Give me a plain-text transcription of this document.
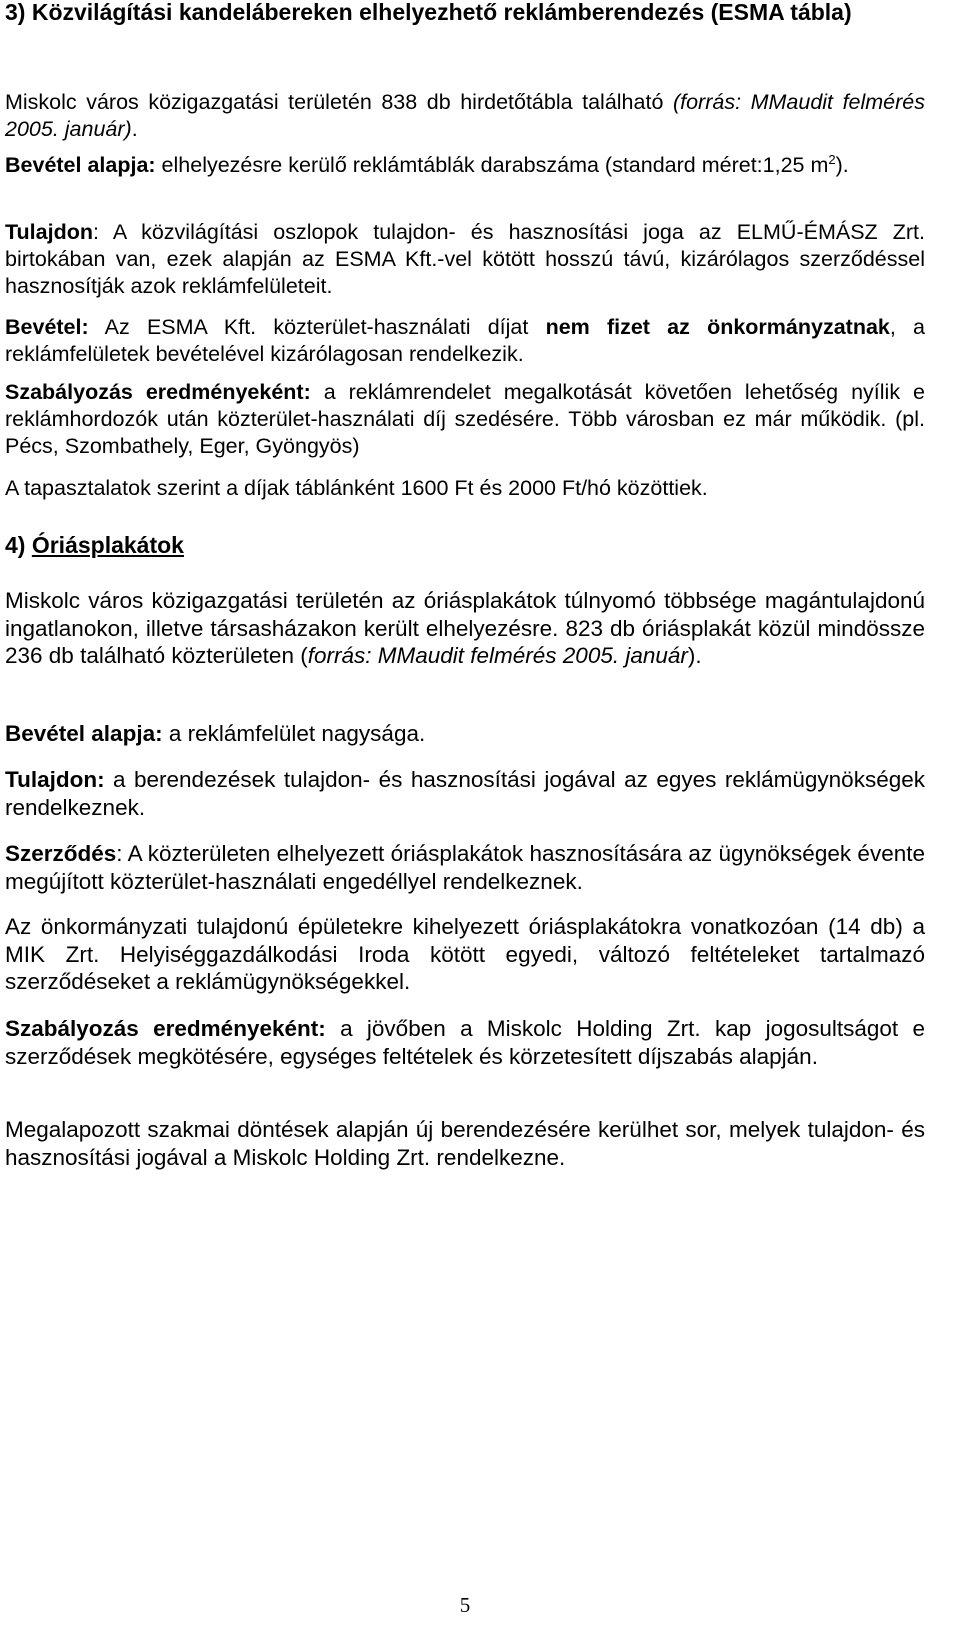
3) Közvilágítási kandelábereken elhelyezhető reklámberendezés (ESMA tábla)

Miskolc város közigazgatási területén 838 db hirdetőtábla található (forrás: MMaudit felmérés 2005. január).

Bevétel alapja: elhelyezésre kerülő reklámtáblák darabszáma (standard méret:1,25 $m^2$).

Tulajdon: A közvilágítási oszlopok tulajdon- és hasznosítási joga az ELMŰ-ÉMÁSZ Zrt. birtokában van, ezek alapján az ESMA Kft.-vel kötött hosszú távú, kizárólagos szerződéssel hasznosítják azok reklámfelületeit.

Bevétel: Az ESMA Kft. közterület-használati díjat nem fizet az önkormányzatnak, a reklámfelületek bevételével kizárólagosan rendelkezik.

Szabályozás eredményeként: a reklámrendelet megalkotását követően lehetőség nyílik e reklámhordozók után közterület-használati díj szedésére. Több városban ez már működik. (pl. Pécs, Szombathely, Eger, Gyöngyös)

A tapasztalatok szerint a díjak táblánként 1600 Ft és 2000 Ft/hó közöttiek.

4) Óriásplakátok

Miskolc város közigazgatási területén az óriásplakátok túlnyomó többsége magántulajdonú ingatlanokon, illetve társasházakon került elhelyezésre. 823 db óriásplakát közül mindössze 236 db található közterületen (forrás: MMaudit felmérés 2005. január).

Bevétel alapja: a reklámfelület nagysága.

Tulajdon: a berendezések tulajdon- és hasznosítási jogával az egyes reklámügynökségek rendelkeznek.

Szerződés: A közterületen elhelyezett óriásplakátok hasznosítására az ügynökségek évente megújított közterület-használati engedéllyel rendelkeznek.

Az önkormányzati tulajdonú épületekre kihelyezett óriásplakátokra vonatkozóan (14 db) a MIK Zrt. Helyiséggazdálkodási Iroda kötött egyedi, változó feltételeket tartalmazó szerződéseket a reklámügynökségekkel.

Szabályozás eredményeként: a jövőben a Miskolc Holding Zrt. kap jogosultságot e szerződések megkötésére, egységes feltételek és körzetesített díjszabás alapján.

Megalapozott szakmai döntések alapján új berendezésére kerülhet sor, melyek tulajdon- és hasznosítási jogával a Miskolc Holding Zrt. rendelkezne.

5
